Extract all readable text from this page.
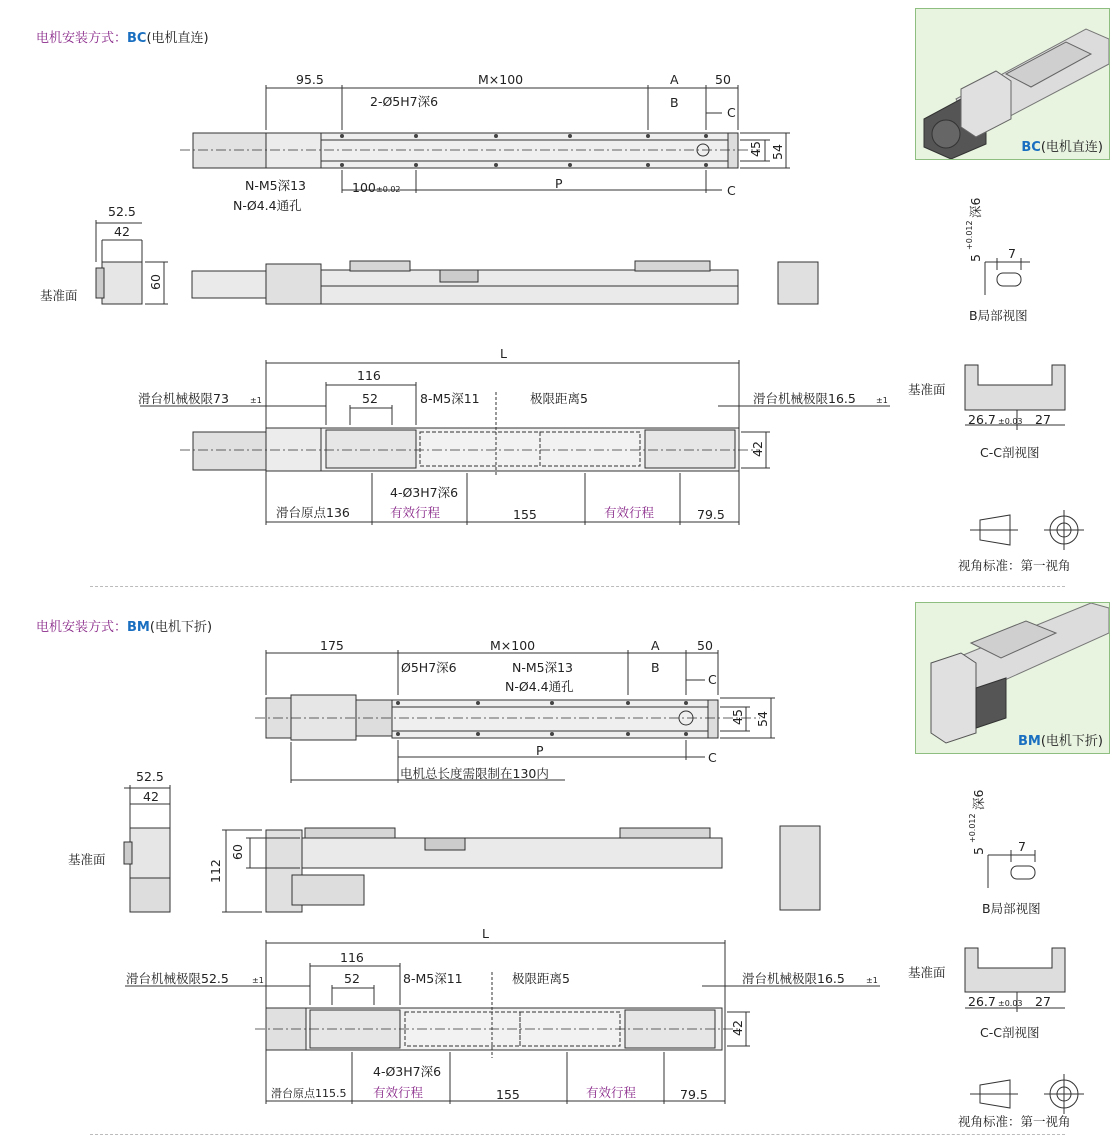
电机安装方式：BC(电机直连)
BC(电机直连)
95.5	M×100	A	50
2-Ø5H7深6	B
C
C
N-M5深13
N-Ø4.4通孔
100 ±0.02	P
45 54
52.5
42
60
基准面
L
116
52	8-M5深11	极限距离5
滑台机械极限73	±1	滑台机械极限16.5	±1
42
4-Ø3H7深6
滑台原点136	有效行程	155	有效行程	79.5
5
+0.012
深6
7
B局部视图
基准面
26.7 ±0.03 27
C-C剖视图
视角标准：第一视角
175	M×100	A	50
Ø5H7深6	N-M5深13
N-Ø4.4通孔
B
C
C
P
45 54
电机总长度需限制在130内
52.5
42
基准面	60
112
L
116
52	8-M5深11	极限距离5
滑台机械极限52.5	±1	滑台机械极限16.5	±1
42
4-Ø3H7深6
滑台原点115.5 有效行程	155	有效行程	79.5
5
+0.012
深6
7
B局部视图
基准面
26.7 ±0.03 27
C-C剖视图
视角标准：第一视角
电机安装方式：BM(电机下折)
BM(电机下折)
